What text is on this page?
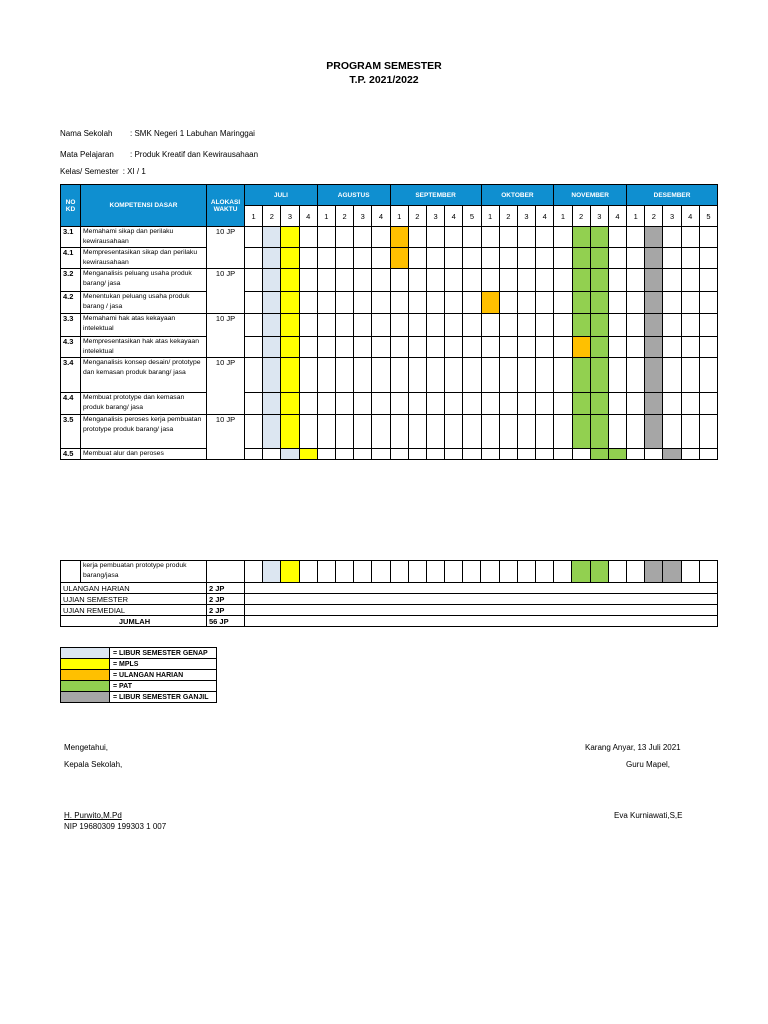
PROGRAM SEMESTER
T.P. 2021/2022
Nama Sekolah : SMK Negeri 1 Labuhan Maringgai
Mata Pelajaran : Produk Kreatif dan Kewirausahaan
Kelas/ Semester : XI / 1
NO KD	KOMPETENSI DASAR	ALOKASI WAKTU	JULI				AGUSTUS				SEPTEMBER					OKTOBER				NOVEMBER				DESEMBER					
			1	2	3	4	1	2	3	4	1	2	3	4	5	1	2	3	4	1	2	3	4	1	2	3	4	5	
3.1	Memahami sikap dan perilaku kewirausahaan	10 JP																											
4.1	Mempresentasikan sikap dan perilaku kewirausahaan																												
3.2	Menganalisis peluang usaha produk barang/ jasa	10 JP																											
4.2	Menentukan peluang usaha produk barang / jasa																												
3.3	Memahami hak atas kekayaan intelektual	10 JP																											
4.3	Mempresentasikan hak atas kekayaan intelektual																												
3.4	Menganalisis konsep desain/ prototype dan kemasan produk barang/ jasa	10 JP																											
4.4	Membuat prototype dan kemasan produk barang/ jasa																												
3.5	Menganalisis peroses kerja pembuatan prototype produk barang/ jasa	10 JP																											
4.5	Membuat alur dan peroses																												
	kerja pembuatan prototype produk barang/jasa																											
ULANGAN HARIAN		2 JP																										
UJIAN SEMESTER		2 JP																										
UJIAN REMEDIAL		2 JP																										
JUMLAH		56 JP																										
	= LIBUR SEMESTER GENAP
	= MPLS
	= ULANGAN HARIAN
	= PAT
	= LIBUR SEMESTER GANJIL
Mengetahui,
Kepala Sekolah,
H. Purwito,M.Pd
NIP 19680309 199303 1 007
Karang Anyar, 13 Juli 2021
Guru Mapel,
Eva Kurniawati,S,E
